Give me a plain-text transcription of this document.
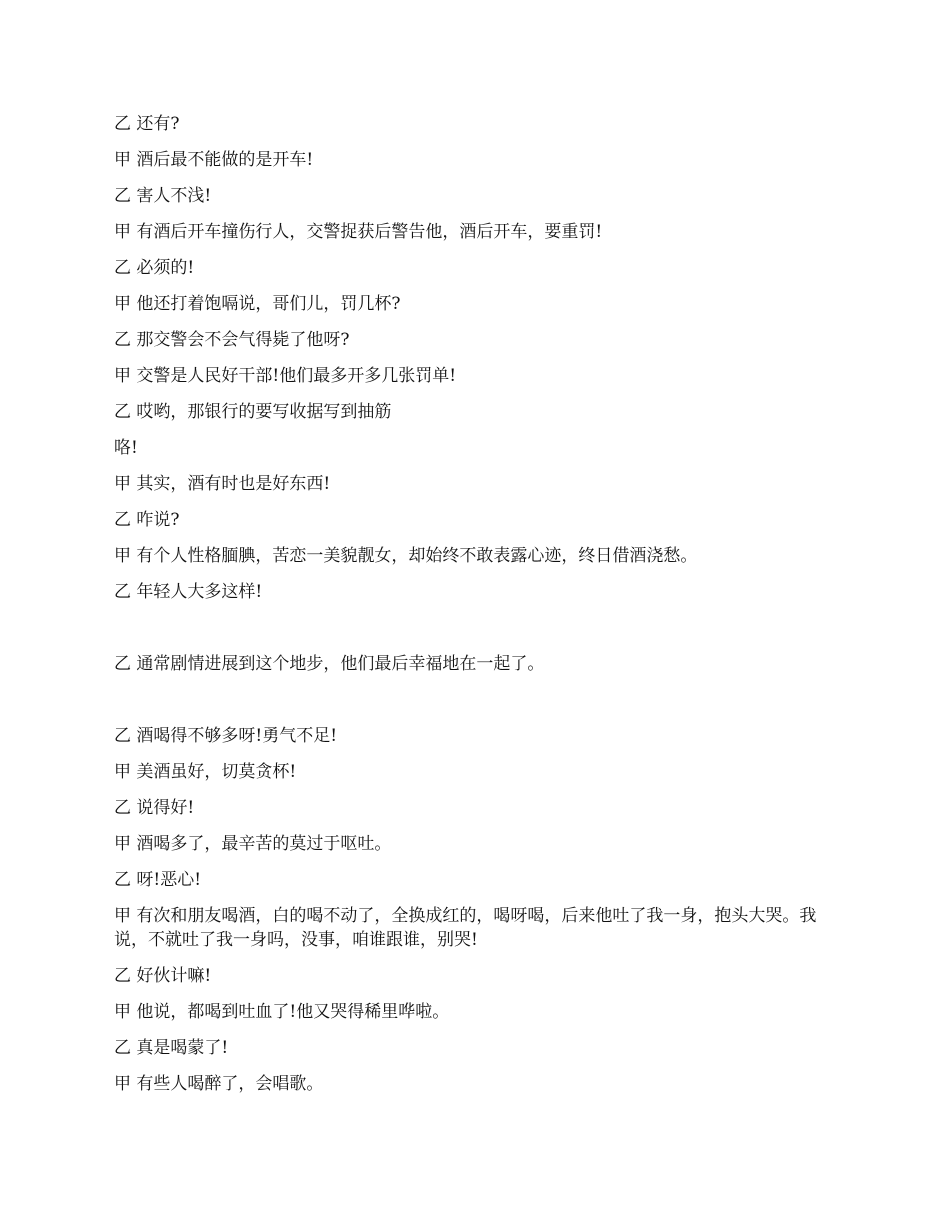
乙 还有?

甲 酒后最不能做的是开车!

乙 害人不浅!

甲 有酒后开车撞伤行人，交警捉获后警告他，酒后开车，要重罚!

乙 必须的!

甲 他还打着饱嗝说，哥们儿，罚几杯?

乙 那交警会不会气得毙了他呀?

甲 交警是人民好干部!他们最多开多几张罚单!

乙 哎哟，那银行的要写收据写到抽筋

咯!

甲 其实，酒有时也是好东西!

乙 咋说?

甲 有个人性格腼腆，苦恋一美貌靓女，却始终不敢表露心迹，终日借酒浇愁。

乙 年轻人大多这样!

乙 通常剧情进展到这个地步，他们最后幸福地在一起了。

乙 酒喝得不够多呀!勇气不足!

甲 美酒虽好，切莫贪杯!

乙 说得好!

甲 酒喝多了，最辛苦的莫过于呕吐。

乙 呀!恶心!

甲 有次和朋友喝酒，白的喝不动了，全换成红的，喝呀喝，后来他吐了我一身，抱头大哭。我说，不就吐了我一身吗，没事，咱谁跟谁，别哭!

乙 好伙计嘛!

甲 他说，都喝到吐血了!他又哭得稀里哗啦。

乙 真是喝蒙了!

甲 有些人喝醉了，会唱歌。
